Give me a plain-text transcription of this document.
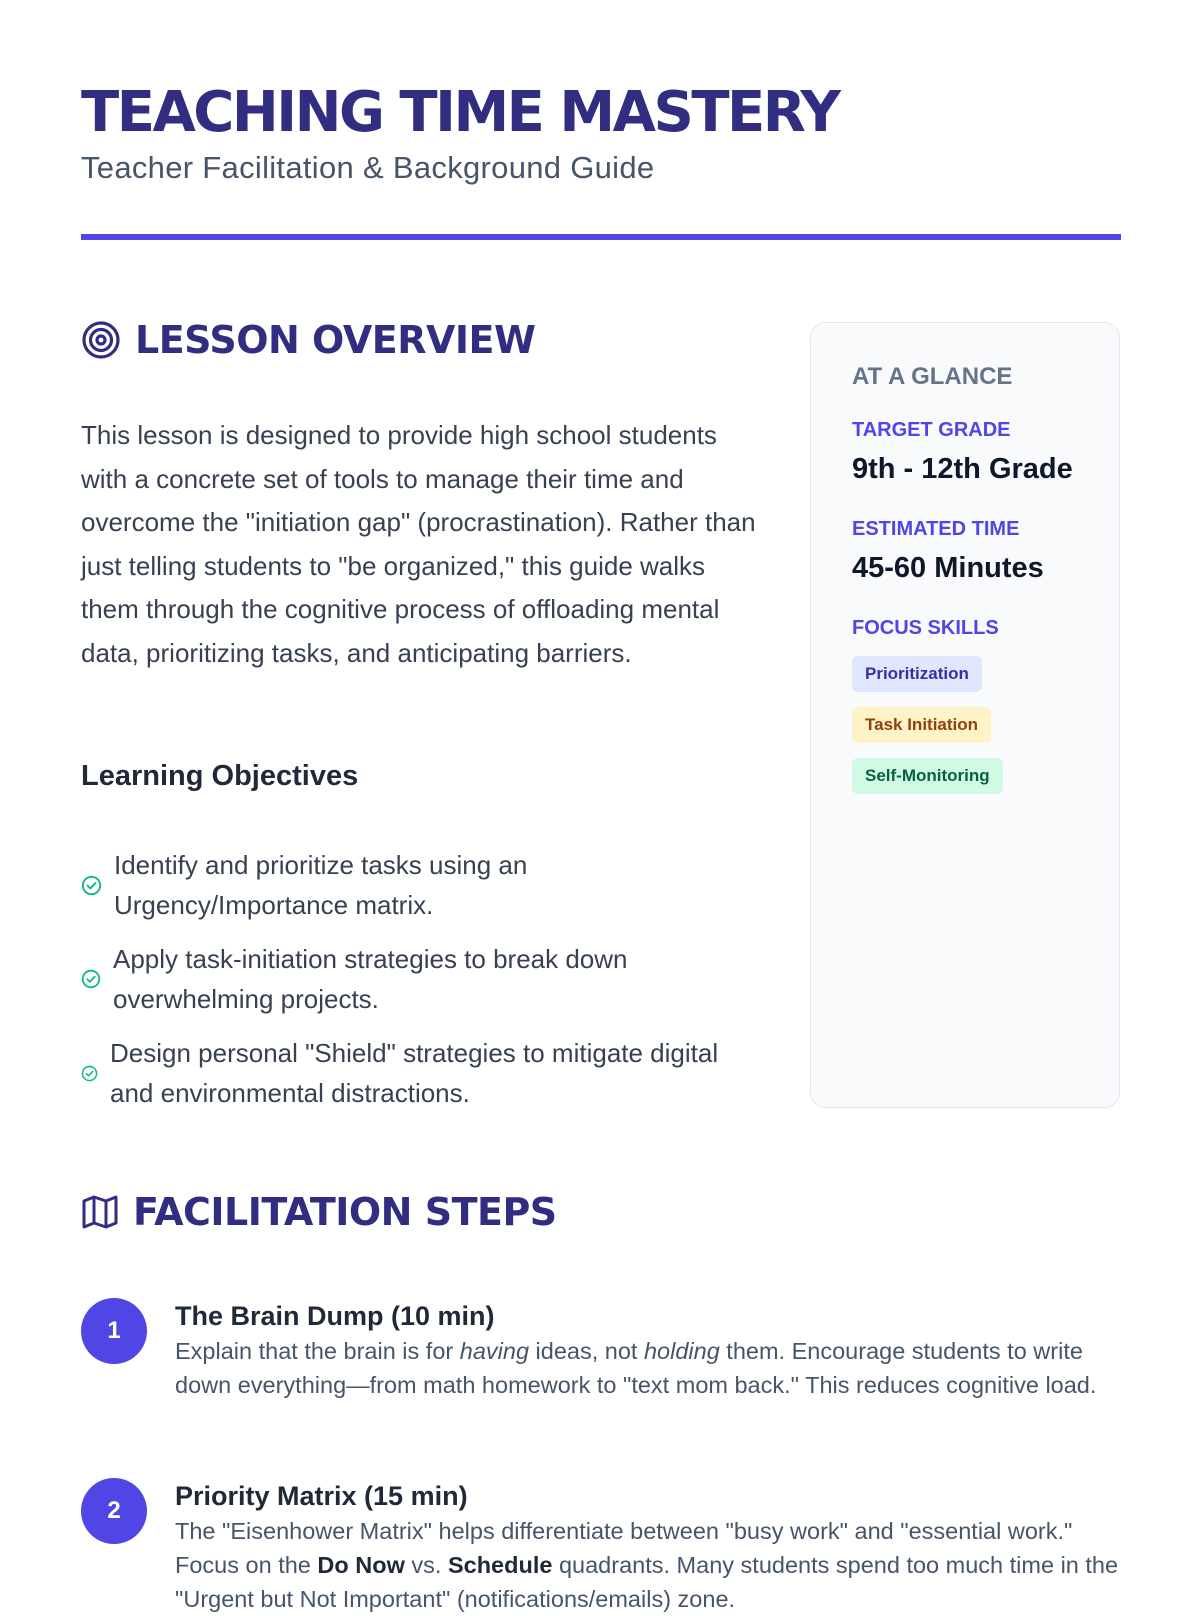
TEACHING TIME MASTERY
Teacher Facilitation & Background Guide
LESSON OVERVIEW

This lesson is designed to provide high school students with a concrete set of tools to manage their time and overcome the "initiation gap" (procrastination). Rather than just telling students to "be organized," this guide walks them through the cognitive process of offloading mental data, prioritizing tasks, and anticipating barriers.

Learning Objectives
Identify and prioritize tasks using an Urgency/Importance matrix.
Apply task-initiation strategies to break down overwhelming projects.
Design personal "Shield" strategies to mitigate digital and environmental distractions.
AT A GLANCE
TARGET GRADE
9th - 12th Grade
ESTIMATED TIME
45-60 Minutes
FOCUS SKILLS
Prioritization
Task Initiation
Self-Monitoring
FACILITATION STEPS
1	The Brain Dump (10 min)

Explain that the brain is for having ideas, not holding them. Encourage students to write down everything—from math homework to "text mom back." This reduces cognitive load.

2	Priority Matrix (15 min)

The "Eisenhower Matrix" helps differentiate between "busy work" and "essential work." Focus on the Do Now vs. Schedule quadrants. Many students spend too much time in the "Urgent but Not Important" (notifications/emails) zone.
